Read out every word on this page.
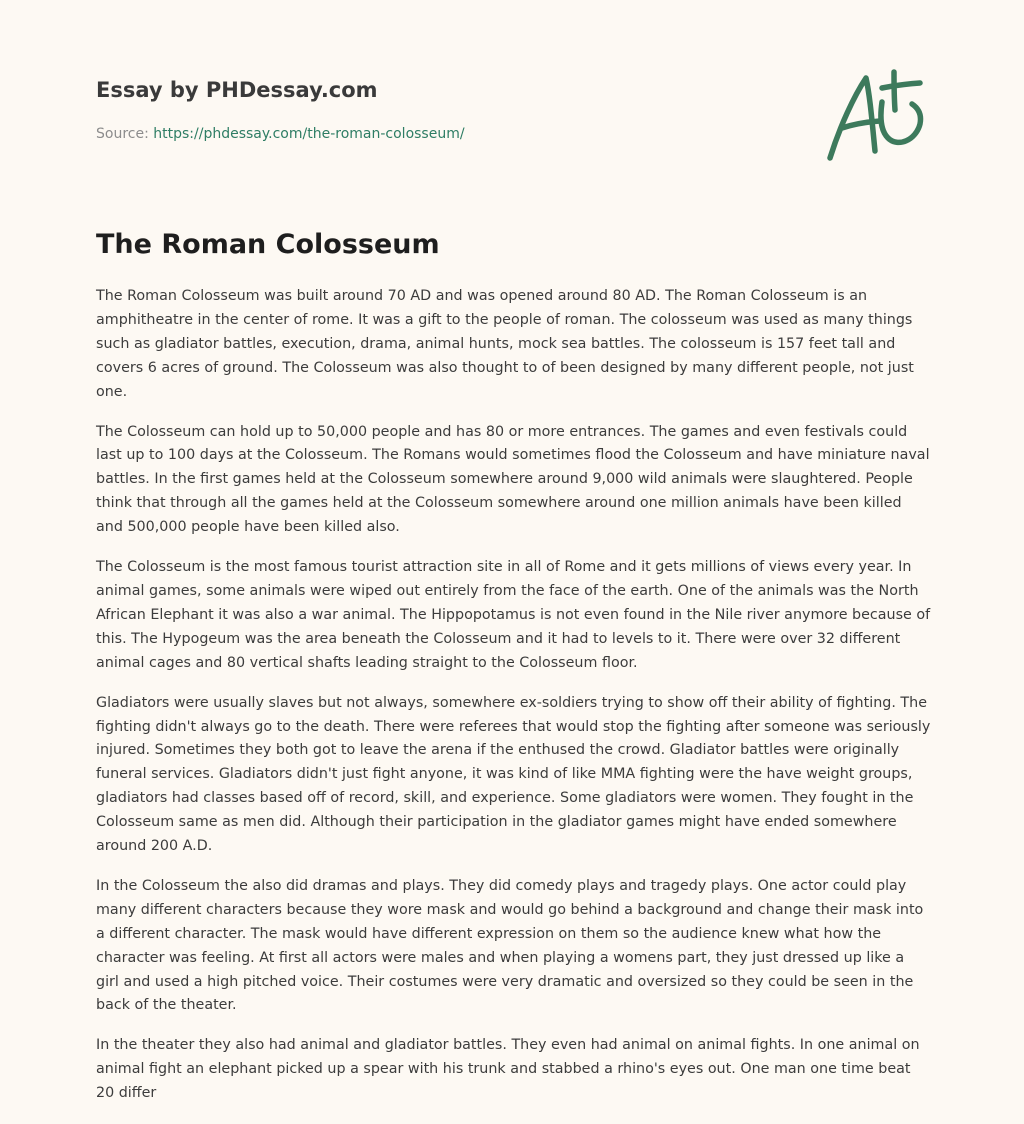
Essay by PHDessay.com
Source: https://phdessay.com/the-roman-colosseum/
The Roman Colosseum

The Roman Colosseum was built around 70 AD and was opened around 80 AD. The Roman Colosseum is an amphitheatre in the center of rome. It was a gift to the people of roman. The colosseum was used as many things such as gladiator battles, execution, drama, animal hunts, mock sea battles. The colosseum is 157 feet tall and covers 6 acres of ground. The Colosseum was also thought to of been designed by many different people, not just one.

The Colosseum can hold up to 50,000 people and has 80 or more entrances. The games and even festivals could last up to 100 days at the Colosseum. The Romans would sometimes flood the Colosseum and have miniature naval battles. In the first games held at the Colosseum somewhere around 9,000 wild animals were slaughtered. People think that through all the games held at the Colosseum somewhere around one million animals have been killed and 500,000 people have been killed also.

The Colosseum is the most famous tourist attraction site in all of Rome and it gets millions of views every year. In animal games, some animals were wiped out entirely from the face of the earth. One of the animals was the North African Elephant it was also a war animal. The Hippopotamus is not even found in the Nile river anymore because of this. The Hypogeum was the area beneath the Colosseum and it had to levels to it. There were over 32 different animal cages and 80 vertical shafts leading straight to the Colosseum floor.

Gladiators were usually slaves but not always, somewhere ex-soldiers trying to show off their ability of fighting. The fighting didn't always go to the death. There were referees that would stop the fighting after someone was seriously injured. Sometimes they both got to leave the arena if the enthused the crowd. Gladiator battles were originally funeral services. Gladiators didn't just fight anyone, it was kind of like MMA fighting were the have weight groups, gladiators had classes based off of record, skill, and experience. Some gladiators were women. They fought in the Colosseum same as men did. Although their participation in the gladiator games might have ended somewhere around 200 A.D.

In the Colosseum the also did dramas and plays. They did comedy plays and tragedy plays. One actor could play many different characters because they wore mask and would go behind a background and change their mask into a different character. The mask would have different expression on them so the audience knew what how the character was feeling. At first all actors were males and when playing a womens part, they just dressed up like a girl and used a high pitched voice. Their costumes were very dramatic and oversized so they could be seen in the back of the theater.

In the theater they also had animal and gladiator battles. They even had animal on animal fights. In one animal on animal fight an elephant picked up a spear with his trunk and stabbed a rhino's eyes out. One man one time beat 20 differ
